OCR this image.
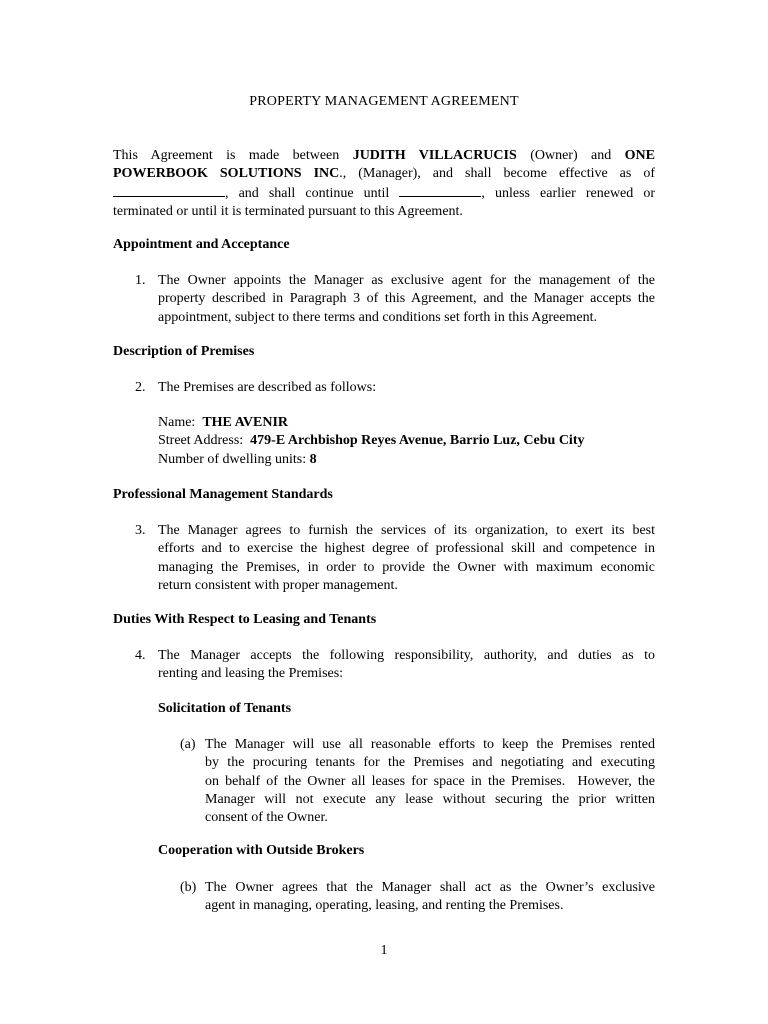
PROPERTY MANAGEMENT AGREEMENT
This Agreement is made between JUDITH VILLACRUCIS (Owner) and ONE
POWERBOOK SOLUTIONS INC., (Manager), and shall become effective as of
, and shall continue until	, unless earlier renewed or
terminated or until it is terminated pursuant to this Agreement.
Appointment and Acceptance
1. The Owner appoints the Manager as exclusive agent for the management of the
property described in Paragraph 3 of this Agreement, and the Manager accepts the
appointment, subject to there terms and conditions set forth in this Agreement.
Description of Premises
2. The Premises are described as follows:
Name:  THE AVENIR
Street Address:  479-E Archbishop Reyes Avenue, Barrio Luz, Cebu City
Number of dwelling units: 8
Professional Management Standards
3. The Manager agrees to furnish the services of its organization, to exert its best
efforts and to exercise the highest degree of professional skill and competence in
managing the Premises, in order to provide the Owner with maximum economic
return consistent with proper management.
Duties With Respect to Leasing and Tenants
4. The Manager accepts the following responsibility, authority, and duties as to
renting and leasing the Premises:
Solicitation of Tenants
(a) The Manager will use all reasonable efforts to keep the Premises rented
by the procuring tenants for the Premises and negotiating and executing
on behalf of the Owner all leases for space in the Premises.  However, the
Manager will not execute any lease without securing the prior written
consent of the Owner.
Cooperation with Outside Brokers
(b) The Owner agrees that the Manager shall act as the Owner’s exclusive
agent in managing, operating, leasing, and renting the Premises.
1
